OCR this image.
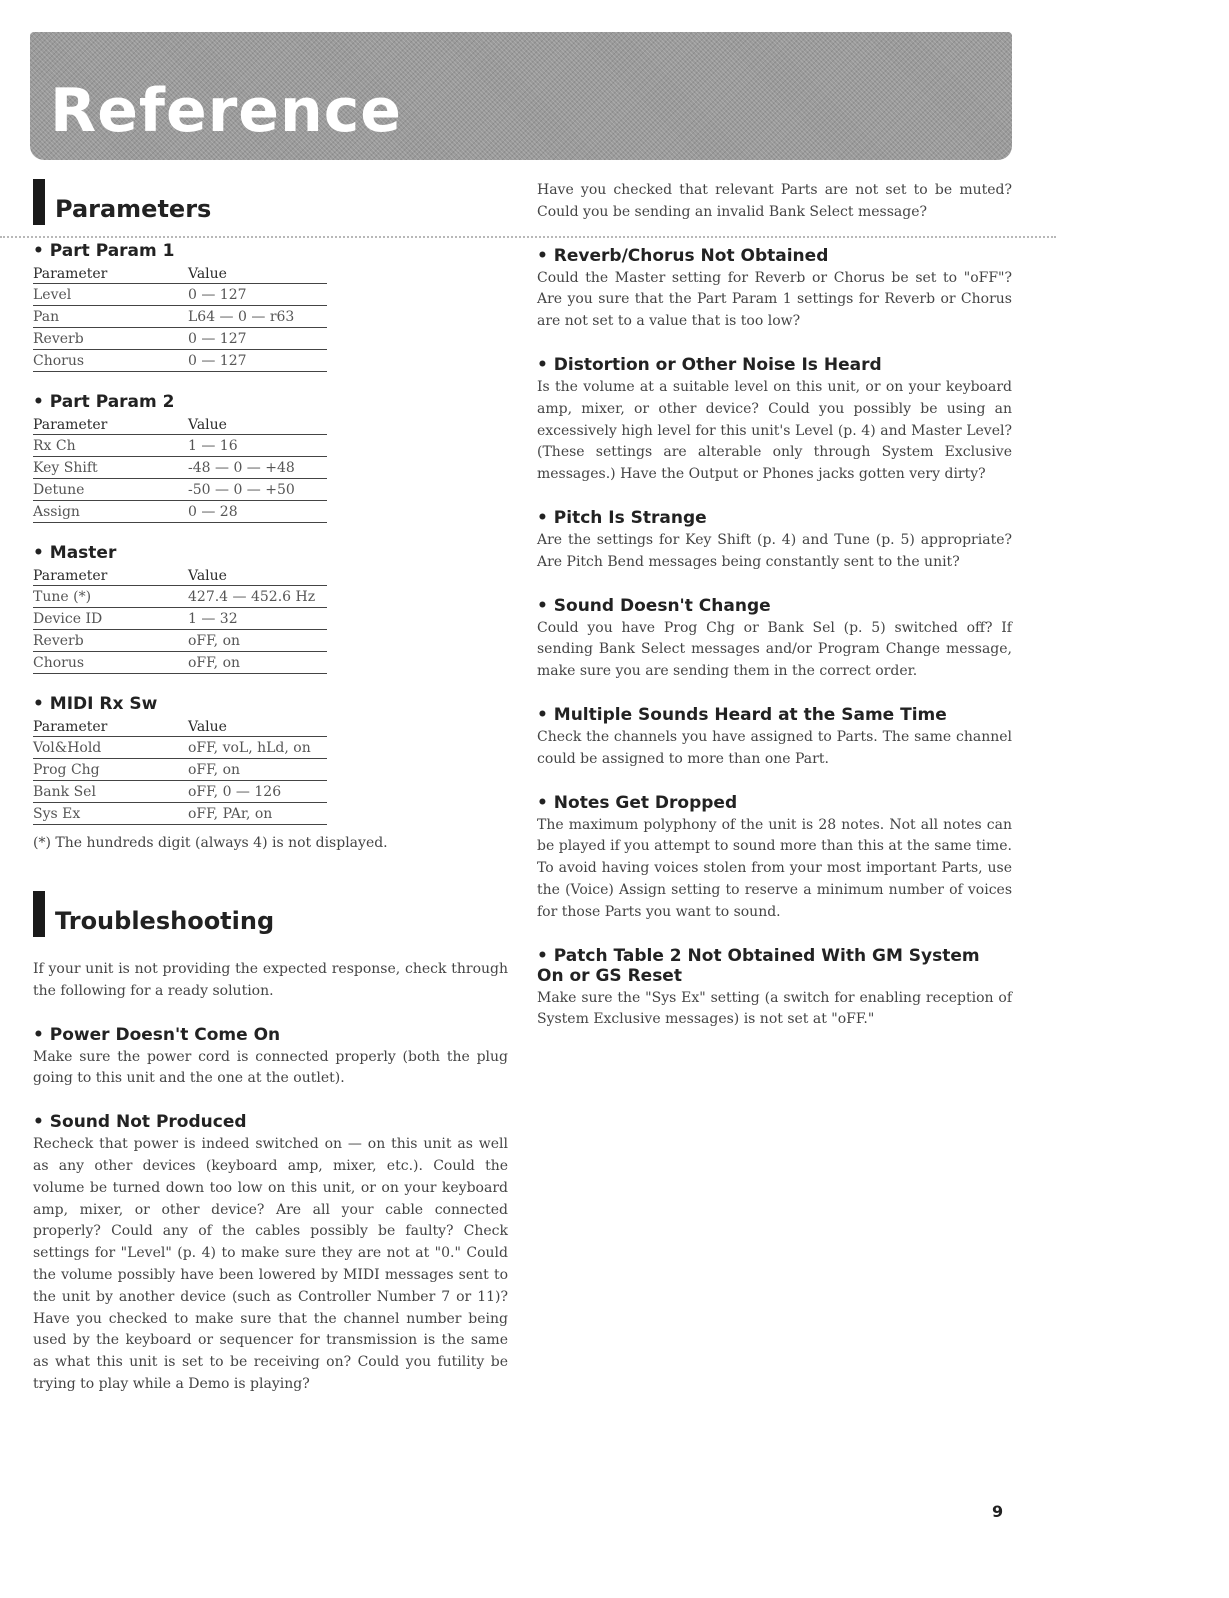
Reference
Parameters
• Part Param 1
Parameter	Value
Level	0 — 127
Pan	L64 — 0 — r63
Reverb	0 — 127
Chorus	0 — 127
• Part Param 2
Parameter	Value
Rx Ch	1 — 16
Key Shift	-48 — 0 — +48
Detune	-50 — 0 — +50
Assign	0 — 28
• Master
Parameter	Value
Tune (*)	427.4 — 452.6 Hz
Device ID	1 — 32
Reverb	oFF, on
Chorus	oFF, on
• MIDI Rx Sw
Parameter	Value
Vol&Hold	oFF, voL, hLd, on
Prog Chg	oFF, on
Bank Sel	oFF, 0 — 126
Sys Ex	oFF, PAr, on

(*) The hundreds digit (always 4) is not displayed.

Troubleshooting

If your unit is not providing the expected response, check through the following for a ready solution.

• Power Doesn't Come On

Make sure the power cord is connected properly (both the plug going to this unit and the one at the outlet).

• Sound Not Produced

Recheck that power is indeed switched on — on this unit as well as any other devices (keyboard amp, mixer, etc.). Could the volume be turned down too low on this unit, or on your keyboard amp, mixer, or other device? Are all your cable connected properly? Could any of the cables possibly be faulty? Check settings for "Level" (p. 4) to make sure they are not at "0." Could the volume possibly have been lowered by MIDI messages sent to the unit by another device (such as Controller Number 7 or 11)? Have you checked to make sure that the channel number being used by the keyboard or sequencer for transmission is the same as what this unit is set to be receiving on? Could you futility be trying to play while a Demo is playing?

Have you checked that relevant Parts are not set to be muted? Could you be sending an invalid Bank Select message?

• Reverb/Chorus Not Obtained

Could the Master setting for Reverb or Chorus be set to "oFF"? Are you sure that the Part Param 1 settings for Reverb or Chorus are not set to a value that is too low?

• Distortion or Other Noise Is Heard

Is the volume at a suitable level on this unit, or on your keyboard amp, mixer, or other device? Could you possibly be using an excessively high level for this unit's Level (p. 4) and Master Level? (These settings are alterable only through System Exclusive messages.) Have the Output or Phones jacks gotten very dirty?

• Pitch Is Strange

Are the settings for Key Shift (p. 4) and Tune (p. 5) appropriate? Are Pitch Bend messages being constantly sent to the unit?

• Sound Doesn't Change

Could you have Prog Chg or Bank Sel (p. 5) switched off? If sending Bank Select messages and/or Program Change message, make sure you are sending them in the correct order.

• Multiple Sounds Heard at the Same Time

Check the channels you have assigned to Parts. The same channel could be assigned to more than one Part.

• Notes Get Dropped

The maximum polyphony of the unit is 28 notes. Not all notes can be played if you attempt to sound more than this at the same time. To avoid having voices stolen from your most important Parts, use the (Voice) Assign setting to reserve a minimum number of voices for those Parts you want to sound.

• Patch Table 2 Not Obtained With GM System On or GS Reset

Make sure the "Sys Ex" setting (a switch for enabling reception of System Exclusive messages) is not set at "oFF."

9
